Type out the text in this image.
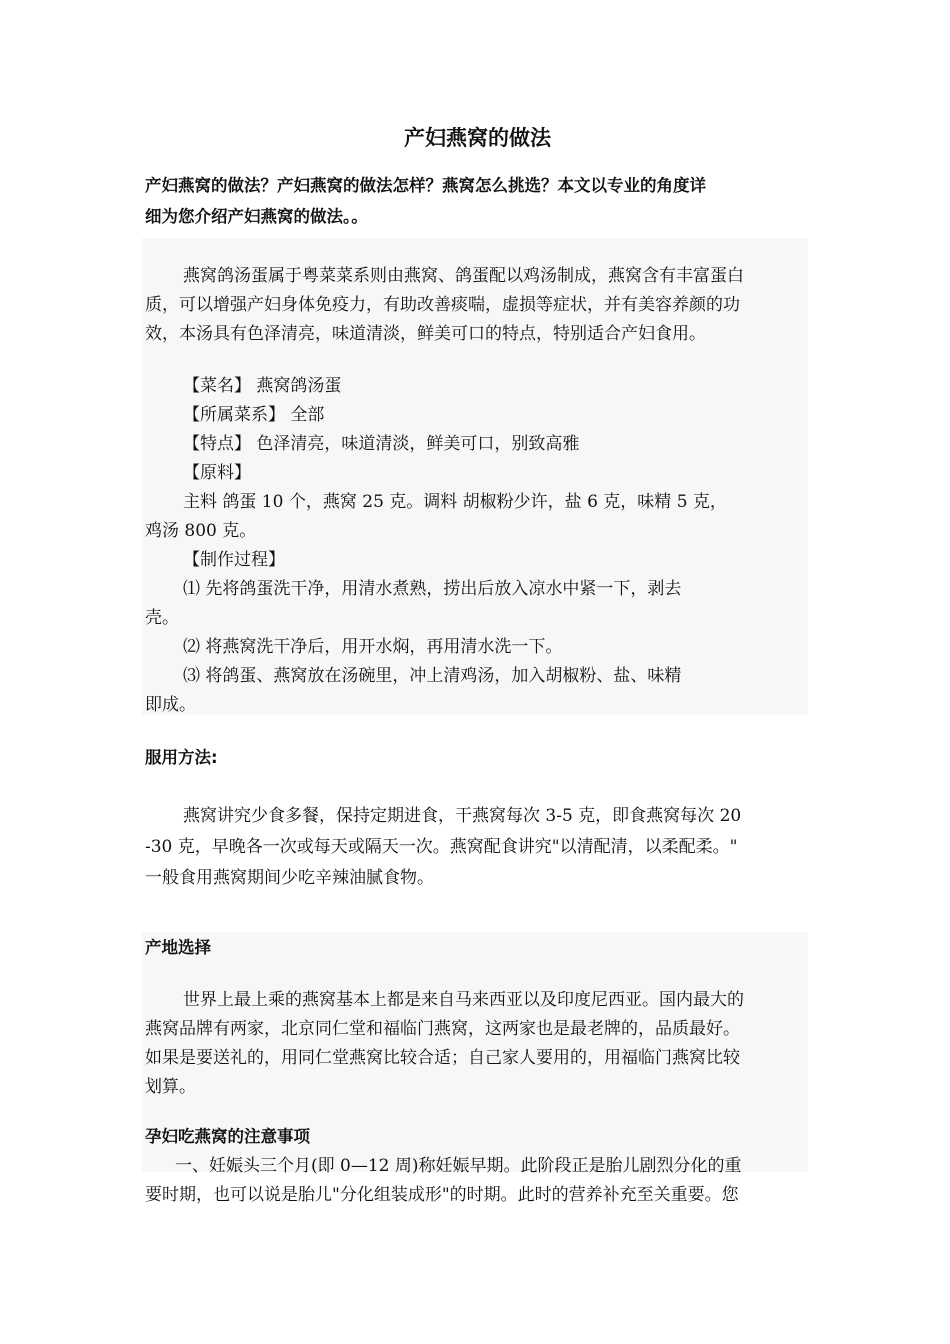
产妇燕窝的做法

产妇燕窝的做法？产妇燕窝的做法怎样？燕窝怎么挑选？本文以专业的角度详

细为您介绍产妇燕窝的做法。。

燕窝鸽汤蛋属于粤菜菜系则由燕窝、鸽蛋配以鸡汤制成，燕窝含有丰富蛋白
质，可以增强产妇身体免疫力，有助改善痰喘，虚损等症状，并有美容养颜的功
效，本汤具有色泽清亮，味道清淡，鲜美可口的特点，特别适合产妇食用。
【菜名】 燕窝鸽汤蛋
【所属菜系】 全部
【特点】 色泽清亮，味道清淡，鲜美可口，别致高雅
【原料】
主料 鸽蛋 10 个，燕窝 25 克。调料 胡椒粉少许，盐 6 克，味精 5 克，
鸡汤 800 克。
【制作过程】
⑴ 先将鸽蛋洗干净，用清水煮熟，捞出后放入凉水中紧一下，剥去
壳。
⑵ 将燕窝洗干净后，用开水焖，再用清水洗一下。
⑶ 将鸽蛋、燕窝放在汤碗里，冲上清鸡汤，加入胡椒粉、盐、味精
即成。
服用方法:
燕窝讲究少食多餐，保持定期进食，干燕窝每次 3-5 克，即食燕窝每次 20
-30 克，早晚各一次或每天或隔天一次。燕窝配食讲究"以清配清，以柔配柔。"
一般食用燕窝期间少吃辛辣油腻食物。
产地选择
世界上最上乘的燕窝基本上都是来自马来西亚以及印度尼西亚。国内最大的
燕窝品牌有两家，北京同仁堂和福临门燕窝，这两家也是最老牌的，品质最好。
如果是要送礼的，用同仁堂燕窝比较合适；自己家人要用的，用福临门燕窝比较
划算。
孕妇吃燕窝的注意事项
一、妊娠头三个月(即 0—12 周)称妊娠早期。此阶段正是胎儿剧烈分化的重
要时期，也可以说是胎儿"分化组装成形"的时期。此时的营养补充至关重要。您
